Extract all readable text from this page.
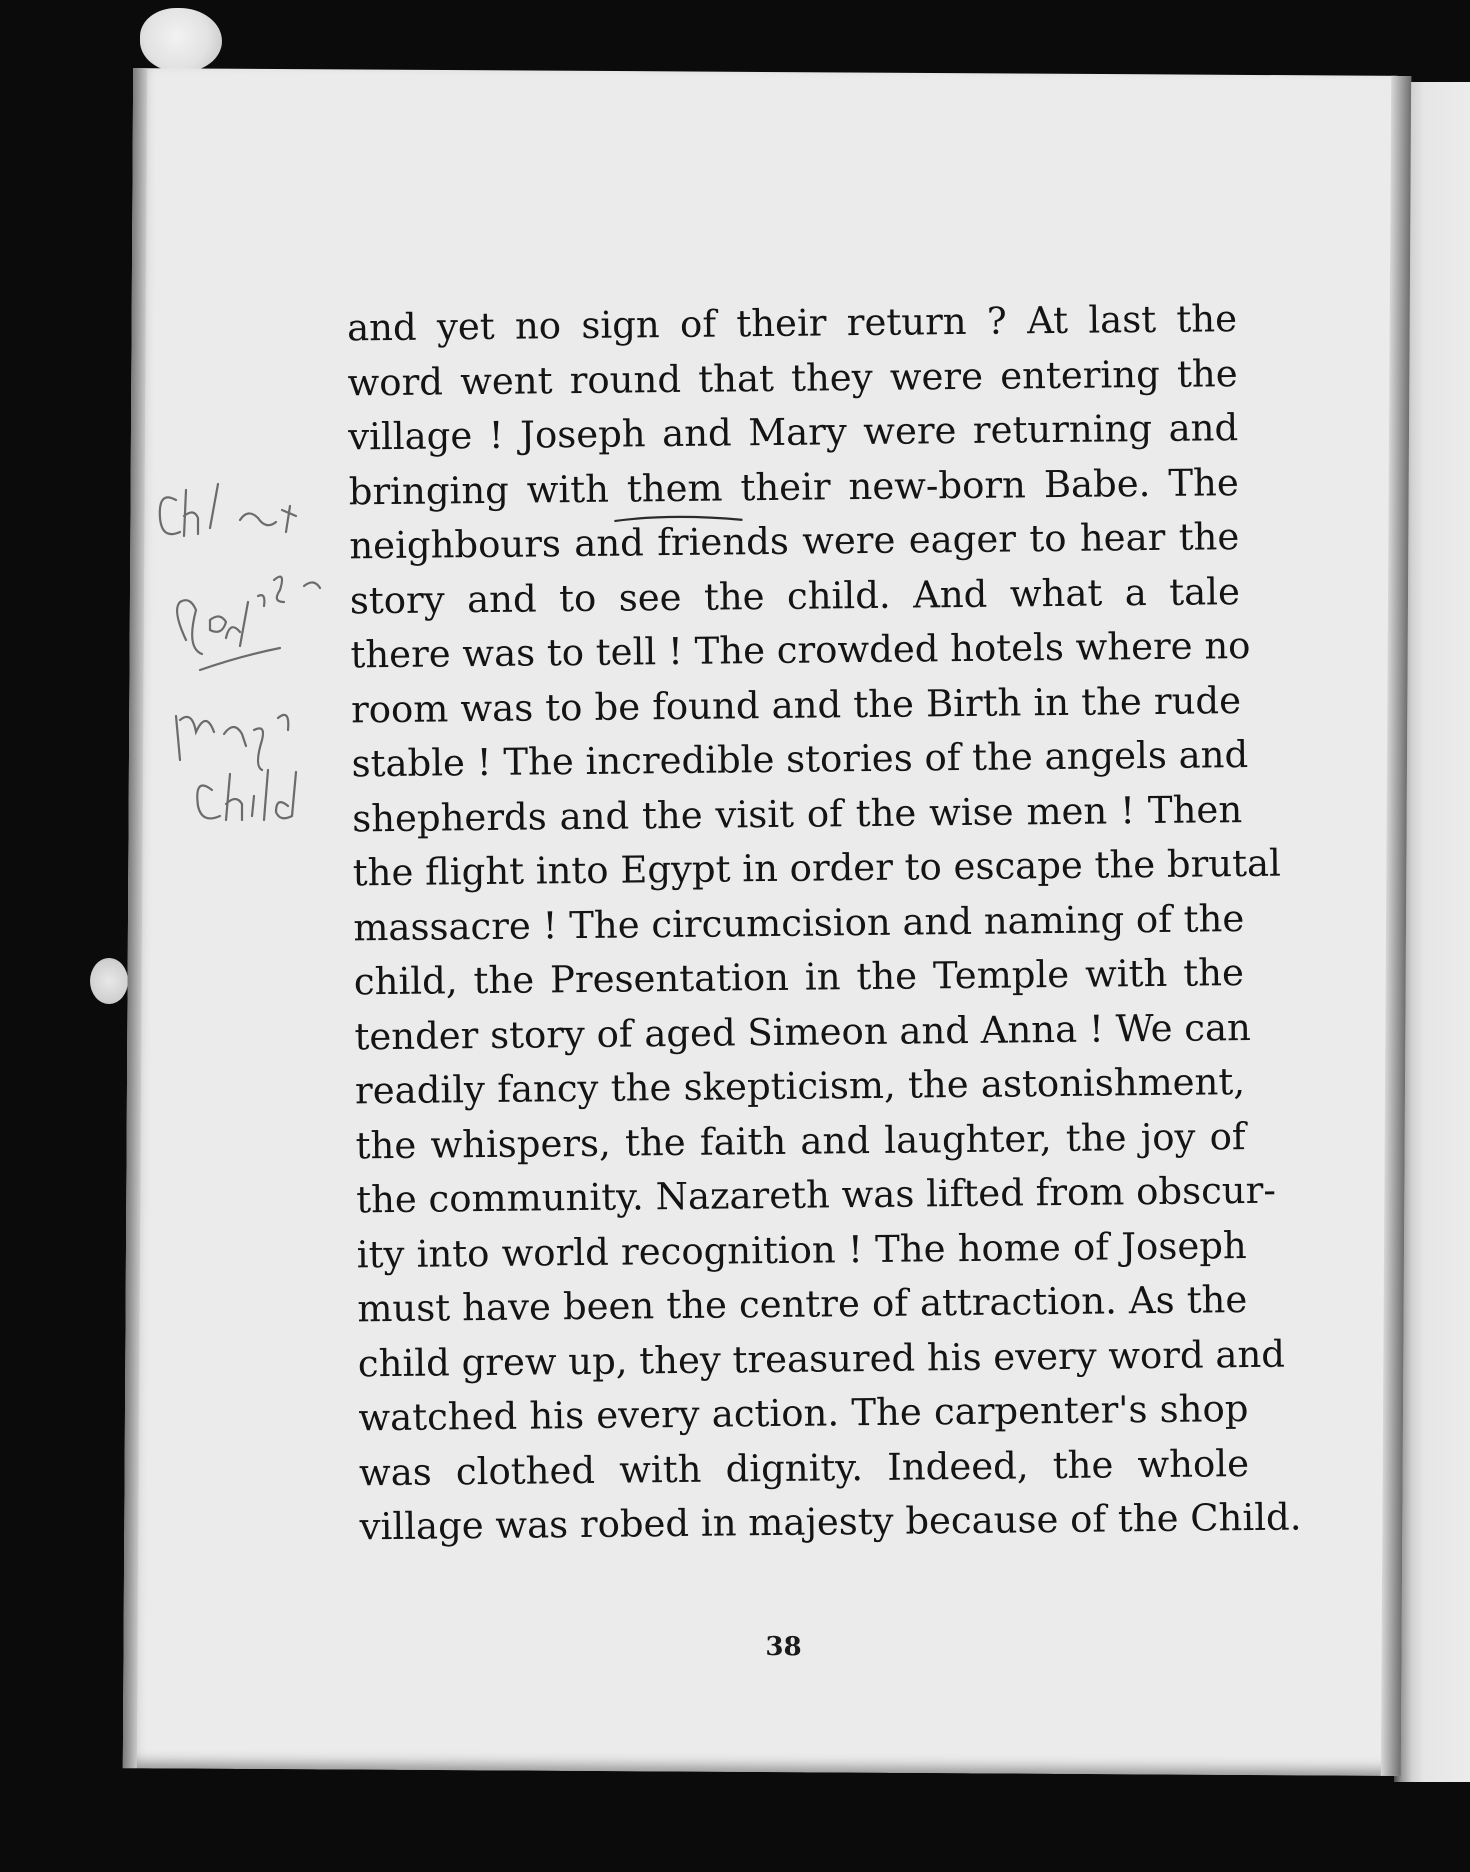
and yet no sign of their return ? At last the
word went round that they were entering the
village ! Joseph and Mary were returning and
bringing with them their new-born Babe. The
neighbours and friends were eager to hear the
story and to see the child. And what a tale
there was to tell ! The crowded hotels where no
room was to be found and the Birth in the rude
stable ! The incredible stories of the angels and
shepherds and the visit of the wise men ! Then
the flight into Egypt in order to escape the brutal
massacre ! The circumcision and naming of the
child, the Presentation in the Temple with the
tender story of aged Simeon and Anna ! We can
readily fancy the skepticism, the astonishment,
the whispers, the faith and laughter, the joy of
the community. Nazareth was lifted from obscur-
ity into world recognition ! The home of Joseph
must have been the centre of attraction. As the
child grew up, they treasured his every word and
watched his every action. The carpenter's shop
was clothed with dignity. Indeed, the whole
village was robed in majesty because of the Child.
38
